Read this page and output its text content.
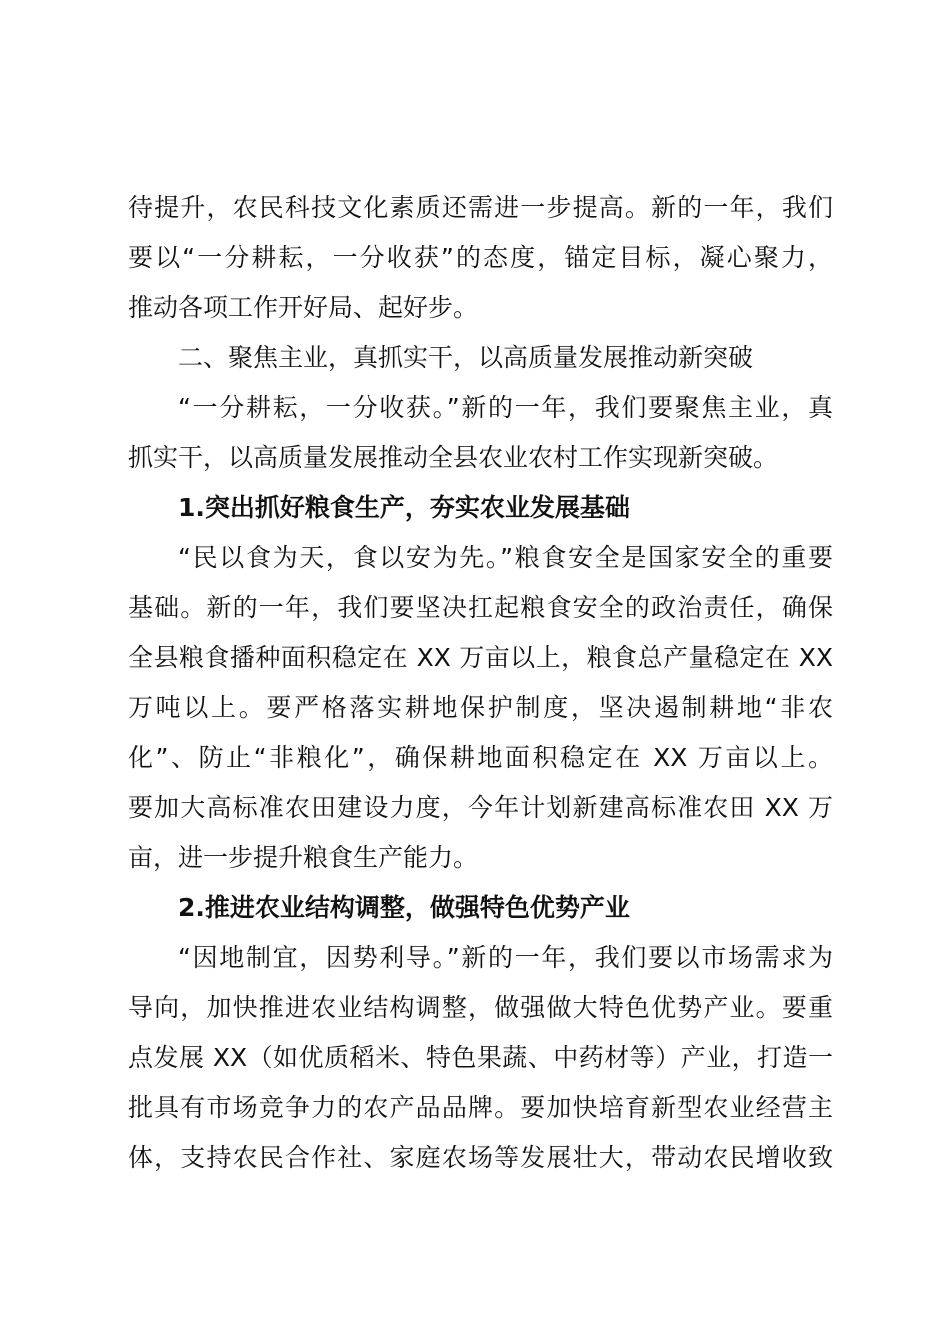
待提升，农民科技文化素质还需进一步提高。新的一年，我们
要以“一分耕耘，一分收获”的态度，锚定目标，凝心聚力，
推动各项工作开好局、起好步。
二、聚焦主业，真抓实干，以高质量发展推动新突破
“一分耕耘，一分收获。”新的一年，我们要聚焦主业，真
抓实干，以高质量发展推动全县农业农村工作实现新突破。
1.突出抓好粮食生产，夯实农业发展基础
“民以食为天，食以安为先。”粮食安全是国家安全的重要
基础。新的一年，我们要坚决扛起粮食安全的政治责任，确保
全县粮食播种面积稳定在 XX 万亩以上，粮食总产量稳定在 XX
万吨以上。要严格落实耕地保护制度，坚决遏制耕地“非农
化”、防止“非粮化”，确保耕地面积稳定在 XX 万亩以上。
要加大高标准农田建设力度，今年计划新建高标准农田 XX 万
亩，进一步提升粮食生产能力。
2.推进农业结构调整，做强特色优势产业
“因地制宜，因势利导。”新的一年，我们要以市场需求为
导向，加快推进农业结构调整，做强做大特色优势产业。要重
点发展 XX（如优质稻米、特色果蔬、中药材等）产业，打造一
批具有市场竞争力的农产品品牌。要加快培育新型农业经营主
体，支持农民合作社、家庭农场等发展壮大，带动农民增收致
